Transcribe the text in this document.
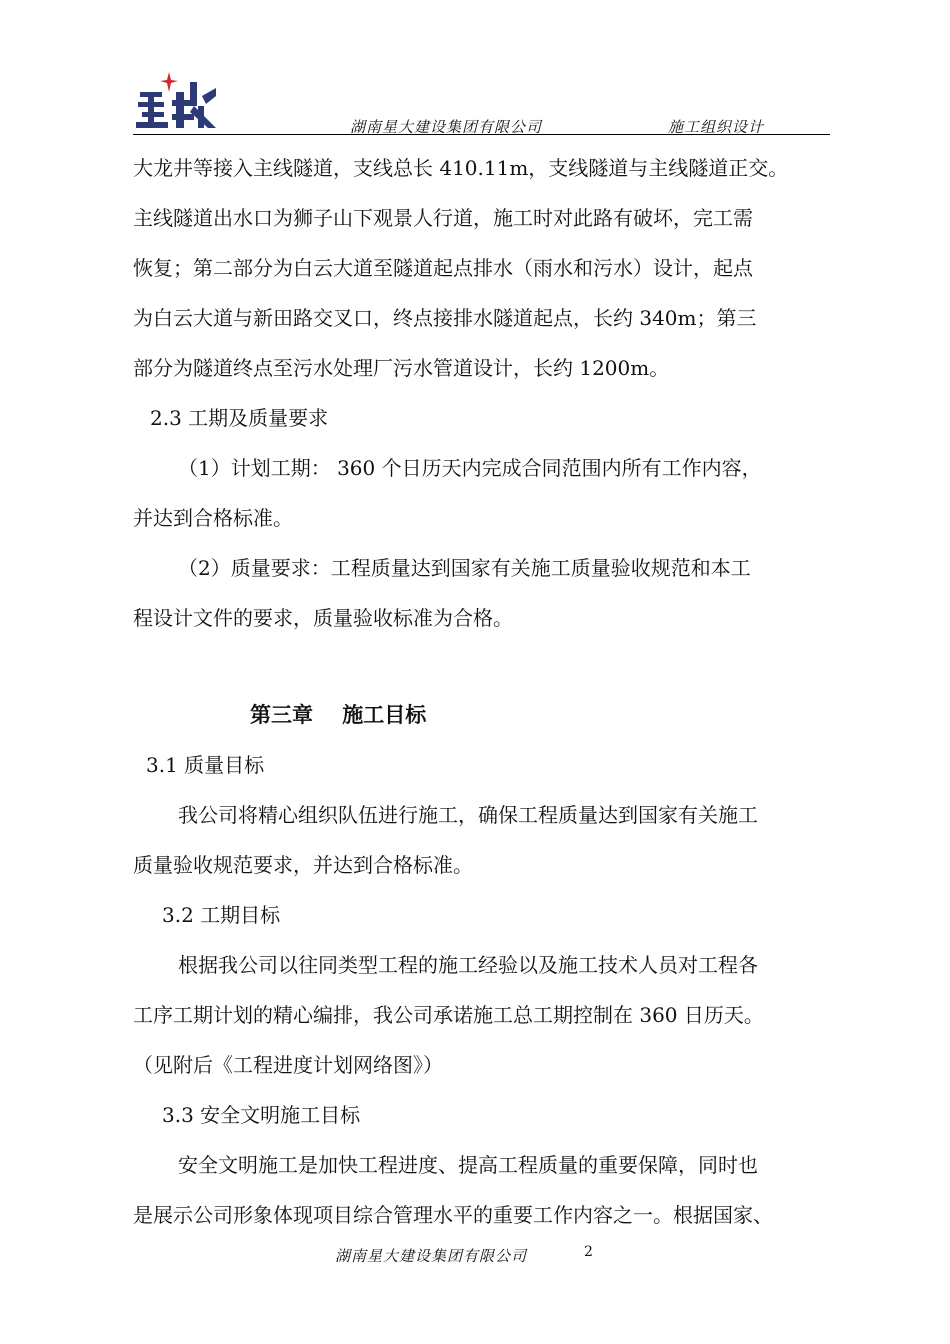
湖南星大建设集团有限公司	施工组织设计
大龙井等接入主线隧道，支线总长 410.11m，支线隧道与主线隧道正交。
主线隧道出水口为狮子山下观景人行道，施工时对此路有破坏，完工需
恢复；第二部分为白云大道至隧道起点排水（雨水和污水）设计，起点
为白云大道与新田路交叉口，终点接排水隧道起点，长约 340m；第三
部分为隧道终点至污水处理厂污水管道设计，长约 1200m。
2.3 工期及质量要求
（1）计划工期： 360 个日历天内完成合同范围内所有工作内容，
并达到合格标准。
（2）质量要求：工程质量达到国家有关施工质量验收规范和本工
程设计文件的要求，质量验收标准为合格。
第三章    施工目标
3.1 质量目标
我公司将精心组织队伍进行施工，确保工程质量达到国家有关施工
质量验收规范要求，并达到合格标准。
3.2 工期目标
根据我公司以往同类型工程的施工经验以及施工技术人员对工程各
工序工期计划的精心编排，我公司承诺施工总工期控制在 360 日历天。
（见附后《工程进度计划网络图》）
3.3 安全文明施工目标
安全文明施工是加快工程进度、提高工程质量的重要保障，同时也
是展示公司形象体现项目综合管理水平的重要工作内容之一。根据国家、
湖南星大建设集团有限公司	2
